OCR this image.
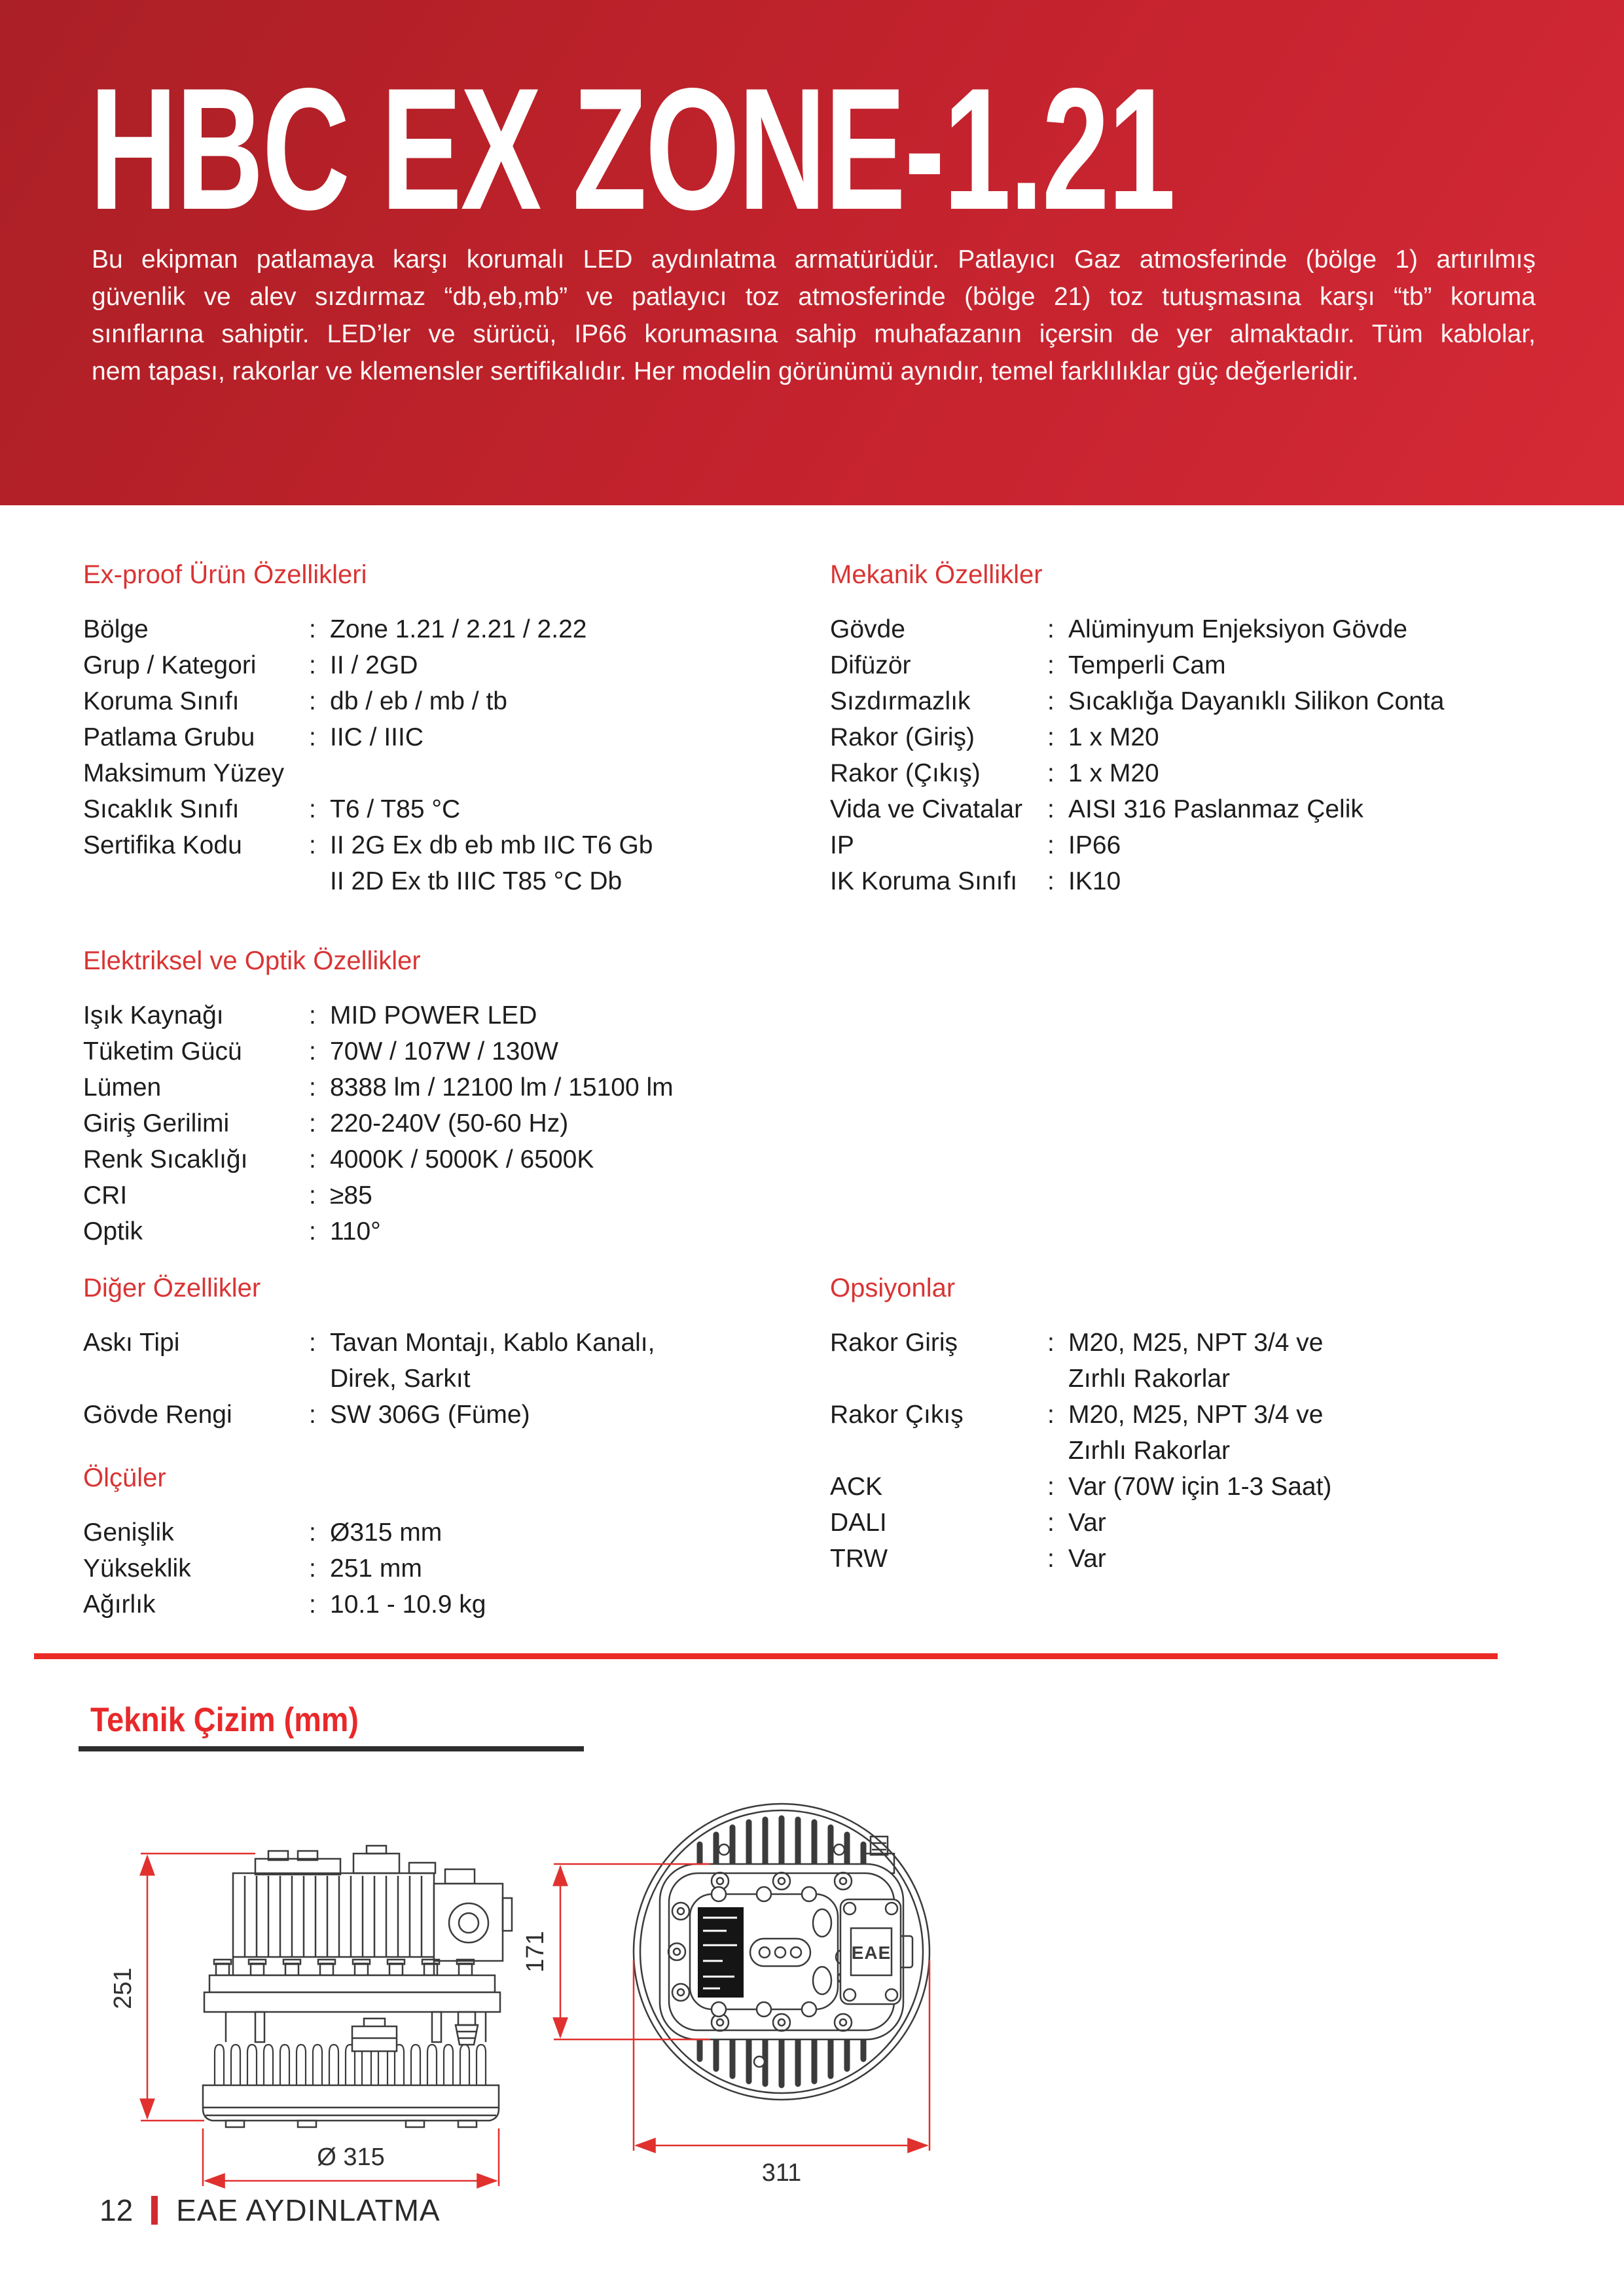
HBC EX ZONE-1.21
Bu ekipman patlamaya karşı korumalı LED aydınlatma armatürüdür. Patlayıcı Gaz atmosferinde (bölge 1) artırılmış
güvenlik ve alev sızdırmaz “db,eb,mb” ve patlayıcı toz atmosferinde (bölge 21) toz tutuşmasına karşı “tb” koruma
sınıflarına sahiptir. LED’ler ve sürücü, IP66 korumasına sahip muhafazanın içersin de yer almaktadır. Tüm kablolar,
nem tapası, rakorlar ve klemensler sertifikalıdır. Her modelin görünümü aynıdır, temel farklılıklar güç değerleridir.
Ex-proof Ürün Özellikleri
Bölge	: Zone 1.21 / 2.21 / 2.22
Grup / Kategori	: II / 2GD
Koruma Sınıfı	: db / eb / mb / tb
Patlama Grubu	: IIC / IIIC
Maksimum Yüzey
Sıcaklık Sınıfı	: T6 / T85 °C
Sertifika Kodu	: II 2G Ex db eb mb IIC T6 Gb
II 2D Ex tb IIIC T85 °C Db
Mekanik Özellikler
Gövde	: Alüminyum Enjeksiyon Gövde
Difüzör	: Temperli Cam
Sızdırmazlık	: Sıcaklığa Dayanıklı Silikon Conta
Rakor (Giriş)	: 1 x M20
Rakor (Çıkış)	: 1 x M20
Vida ve Civatalar : AISI 316 Paslanmaz Çelik
IP	: IP66
IK Koruma Sınıfı	: IK10
Elektriksel ve Optik Özellikler
Işık Kaynağı	: MID POWER LED
Tüketim Gücü	: 70W / 107W / 130W
Lümen	: 8388 lm / 12100 lm / 15100 lm
Giriş Gerilimi	: 220-240V (50-60 Hz)
Renk Sıcaklığı	: 4000K / 5000K / 6500K
CRI	: ≥85
Optik	: 110°
Diğer Özellikler
Askı Tipi	: Tavan Montajı, Kablo Kanalı,
Direk, Sarkıt
Gövde Rengi	: SW 306G (Füme)
Opsiyonlar
Rakor Giriş	: M20, M25, NPT 3/4 ve
Zırhlı Rakorlar
Rakor Çıkış	: M20, M25, NPT 3/4 ve
Zırhlı Rakorlar
ACK	: Var (70W için 1-3 Saat)
DALI	: Var
TRW	: Var
Ölçüler
Genişlik	: Ø315 mm
Yükseklik	: 251 mm
Ağırlık	: 10.1 - 10.9 kg
Teknik Çizim (mm)
251
Ø 315
EAE
171
311
12 EAE AYDINLATMA
